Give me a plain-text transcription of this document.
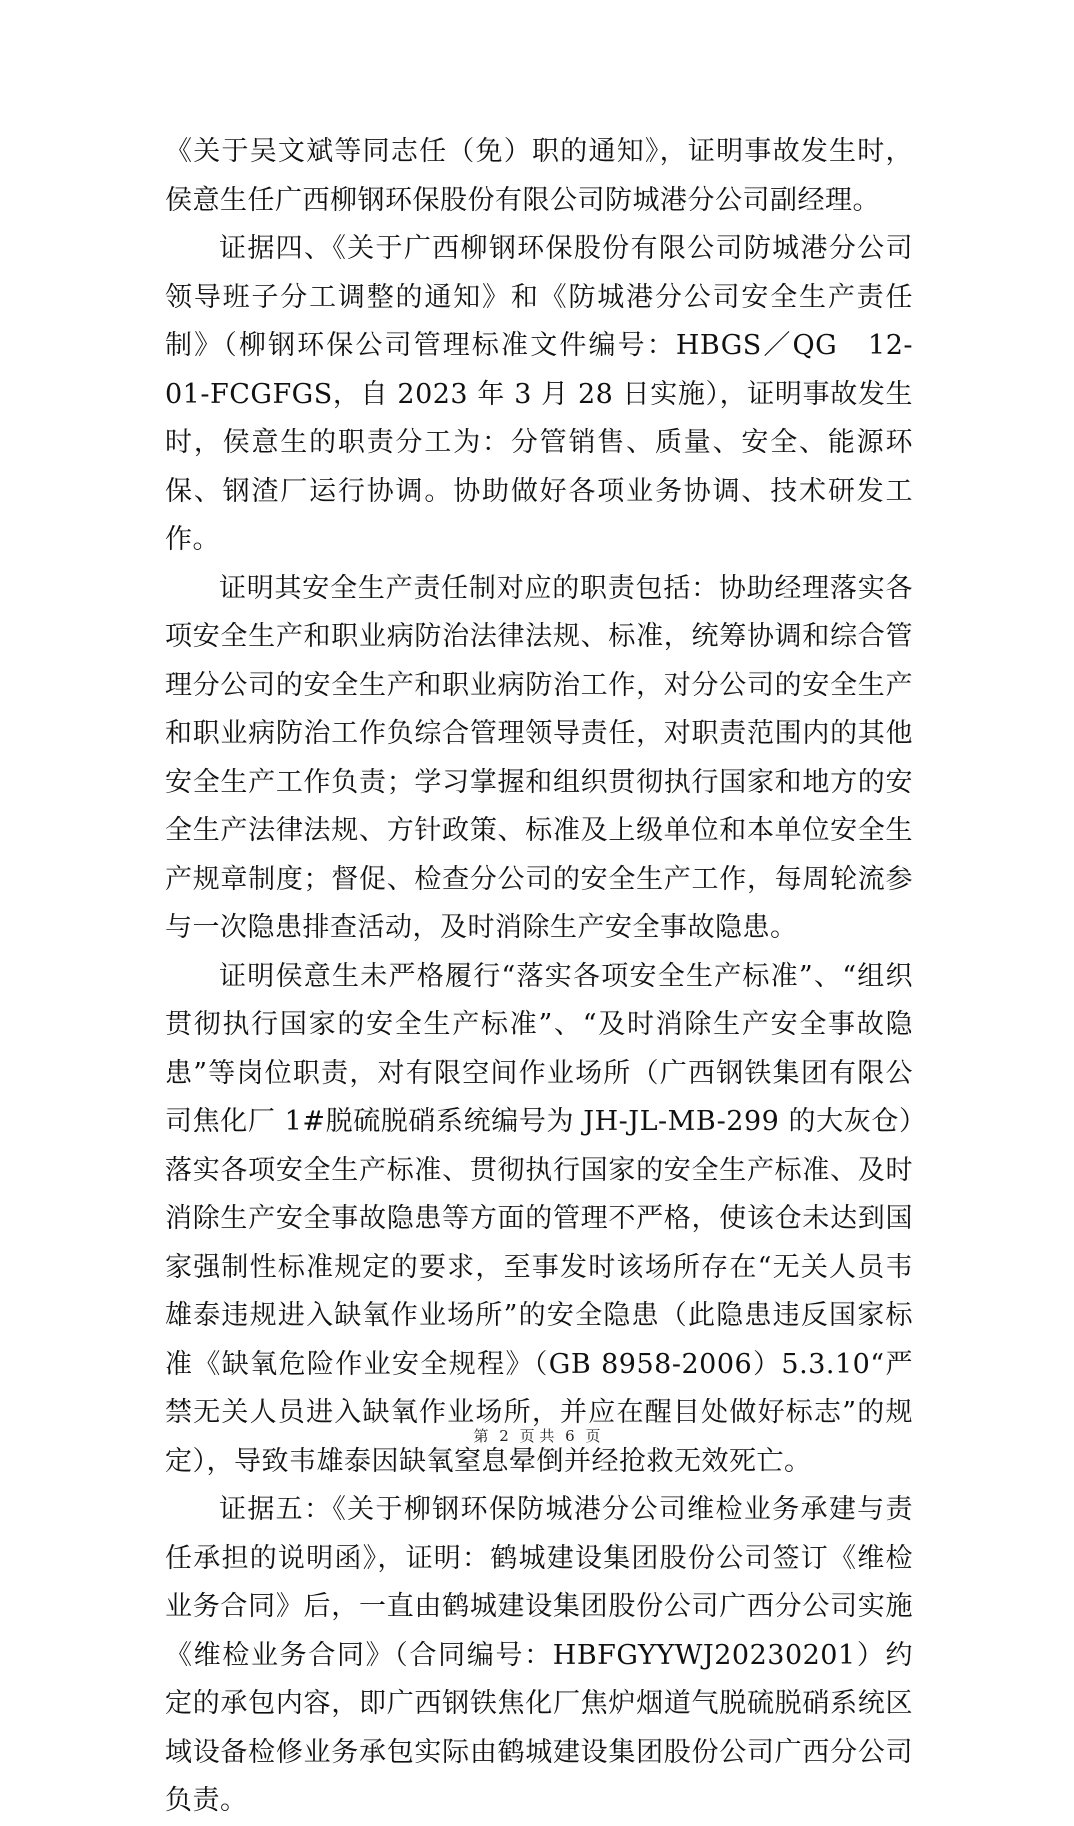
《关于吴文斌等同志任（免）职的通知》，证明事故发生时，侯意生任广西柳钢环保股份有限公司防城港分公司副经理。

证据四、《关于广西柳钢环保股份有限公司防城港分公司领导班子分工调整的通知》和《防城港分公司安全生产责任制》（柳钢环保公司管理标准文件编号：HBGS／QG　12-01-FCGFGS，自 2023 年 3 月 28 日实施），证明事故发生时，侯意生的职责分工为：分管销售、质量、安全、能源环保、钢渣厂运行协调。协助做好各项业务协调、技术研发工作。

证明其安全生产责任制对应的职责包括：协助经理落实各项安全生产和职业病防治法律法规、标准，统筹协调和综合管理分公司的安全生产和职业病防治工作，对分公司的安全生产和职业病防治工作负综合管理领导责任，对职责范围内的其他安全生产工作负责；学习掌握和组织贯彻执行国家和地方的安全生产法律法规、方针政策、标准及上级单位和本单位安全生产规章制度；督促、检查分公司的安全生产工作，每周轮流参与一次隐患排查活动，及时消除生产安全事故隐患。

证明侯意生未严格履行“落实各项安全生产标准”、“组织贯彻执行国家的安全生产标准”、“及时消除生产安全事故隐患”等岗位职责，对有限空间作业场所（广西钢铁集团有限公司焦化厂 1#脱硫脱硝系统编号为 JH-JL-MB-299 的大灰仓）落实各项安全生产标准、贯彻执行国家的安全生产标准、及时消除生产安全事故隐患等方面的管理不严格，使该仓未达到国家强制性标准规定的要求，至事发时该场所存在“无关人员韦雄泰违规进入缺氧作业场所”的安全隐患（此隐患违反国家标准《缺氧危险作业安全规程》（GB 8958-2006）5.3.10“严禁无关人员进入缺氧作业场所，并应在醒目处做好标志”的规定），导致韦雄泰因缺氧窒息晕倒并经抢救无效死亡。

证据五：《关于柳钢环保防城港分公司维检业务承建与责任承担的说明函》，证明：鹤城建设集团股份公司签订《维检业务合同》后，一直由鹤城建设集团股份公司广西分公司实施《维检业务合同》（合同编号：HBFGYYWJ20230201）约定的承包内容，即广西钢铁焦化厂焦炉烟道气脱硫脱硝系统区域设备检修业务承包实际由鹤城建设集团股份公司广西分公司负责。

第 2 页 共 6 页
